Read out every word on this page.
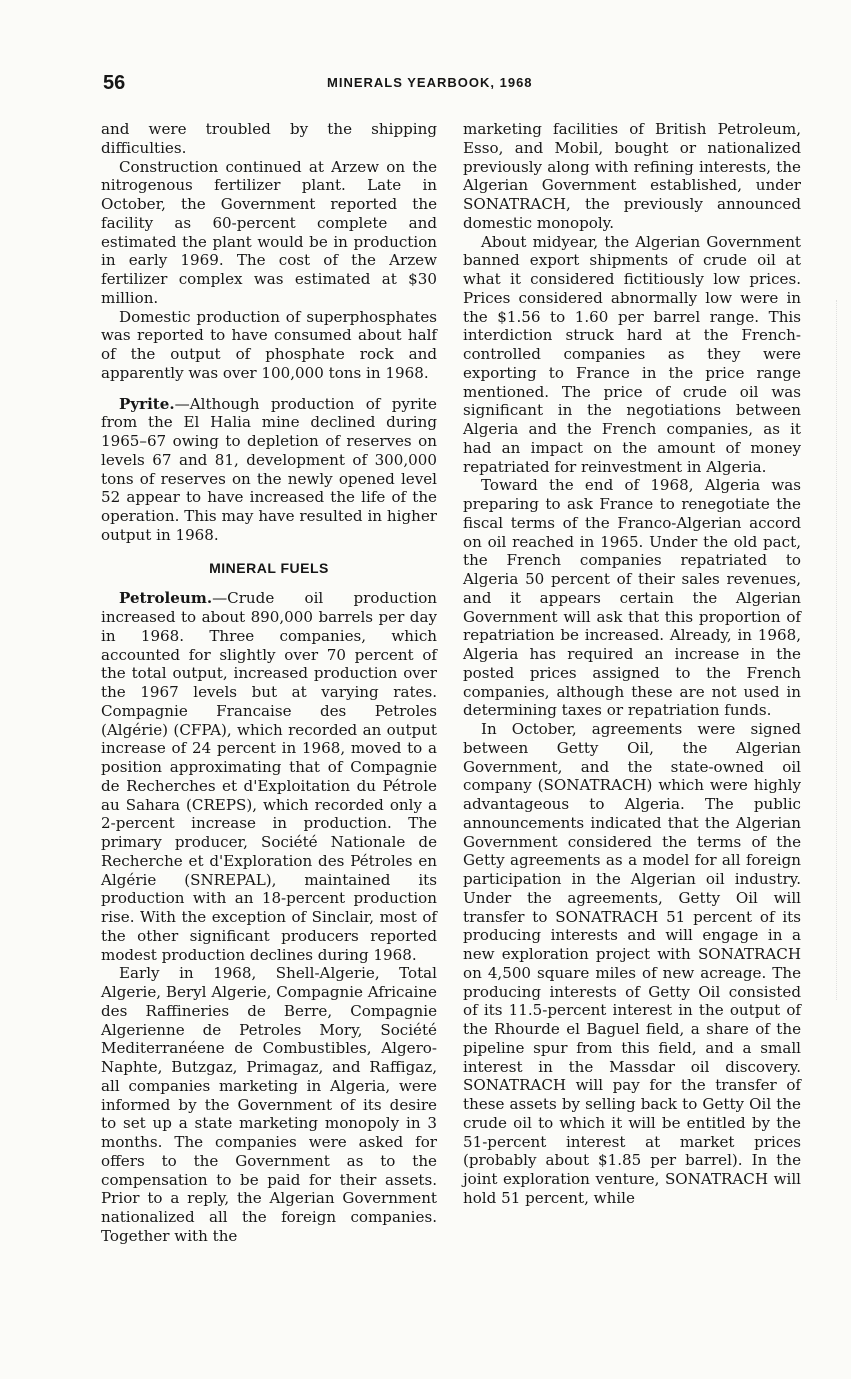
56	MINERALS YEARBOOK, 1968

and were troubled by the shipping difficulties.

Construction continued at Arzew on the nitrogenous fertilizer plant. Late in October, the Government reported the facility as 60-percent complete and estimated the plant would be in production in early 1969. The cost of the Arzew fertilizer complex was estimated at $30 million.

Domestic production of superphosphates was reported to have consumed about half of the output of phosphate rock and apparently was over 100,000 tons in 1968.

Pyrite.—Although production of pyrite from the El Halia mine declined during 1965–67 owing to depletion of reserves on levels 67 and 81, development of 300,000 tons of reserves on the newly opened level 52 appear to have increased the life of the operation. This may have resulted in higher output in 1968.

MINERAL FUELS

Petroleum.—Crude oil production increased to about 890,000 barrels per day in 1968. Three companies, which accounted for slightly over 70 percent of the total output, increased production over the 1967 levels but at varying rates. Compagnie Francaise des Petroles (Algérie) (CFPA), which recorded an output increase of 24 percent in 1968, moved to a position approximating that of Compagnie de Recherches et d'Exploitation du Pétrole au Sahara (CREPS), which recorded only a 2-percent increase in production. The primary producer, Société Nationale de Recherche et d'Exploration des Pétroles en Algérie (SNREPAL), maintained its production with an 18-percent production rise. With the exception of Sinclair, most of the other significant producers reported modest production declines during 1968.

Early in 1968, Shell-Algerie, Total Algerie, Beryl Algerie, Compagnie Africaine des Raffineries de Berre, Compagnie Algerienne de Petroles Mory, Société Mediterranéene de Combustibles, Algero-Naphte, Butzgaz, Primagaz, and Raffigaz, all companies marketing in Algeria, were informed by the Government of its desire to set up a state marketing monopoly in 3 months. The companies were asked for offers to the Government as to the compensation to be paid for their assets. Prior to a reply, the Algerian Government nationalized all the foreign companies. Together with the

marketing facilities of British Petroleum, Esso, and Mobil, bought or nationalized previously along with refining interests, the Algerian Government established, under SONATRACH, the previously announced domestic monopoly.

About midyear, the Algerian Government banned export shipments of crude oil at what it considered fictitiously low prices. Prices considered abnormally low were in the $1.56 to 1.60 per barrel range. This interdiction struck hard at the French-controlled companies as they were exporting to France in the price range mentioned. The price of crude oil was significant in the negotiations between Algeria and the French companies, as it had an impact on the amount of money repatriated for reinvestment in Algeria.

Toward the end of 1968, Algeria was preparing to ask France to renegotiate the fiscal terms of the Franco-Algerian accord on oil reached in 1965. Under the old pact, the French companies repatriated to Algeria 50 percent of their sales revenues, and it appears certain the Algerian Government will ask that this proportion of repatriation be increased. Already, in 1968, Algeria has required an increase in the posted prices assigned to the French companies, although these are not used in determining taxes or repatriation funds.

In October, agreements were signed between Getty Oil, the Algerian Government, and the state-owned oil company (SONATRACH) which were highly advantageous to Algeria. The public announcements indicated that the Algerian Government considered the terms of the Getty agreements as a model for all foreign participation in the Algerian oil industry. Under the agreements, Getty Oil will transfer to SONATRACH 51 percent of its producing interests and will engage in a new exploration project with SONATRACH on 4,500 square miles of new acreage. The producing interests of Getty Oil consisted of its 11.5-percent interest in the output of the Rhourde el Baguel field, a share of the pipeline spur from this field, and a small interest in the Massdar oil discovery. SONATRACH will pay for the transfer of these assets by selling back to Getty Oil the crude oil to which it will be entitled by the 51-percent interest at market prices (probably about $1.85 per barrel). In the joint exploration venture, SONATRACH will hold 51 percent, while
